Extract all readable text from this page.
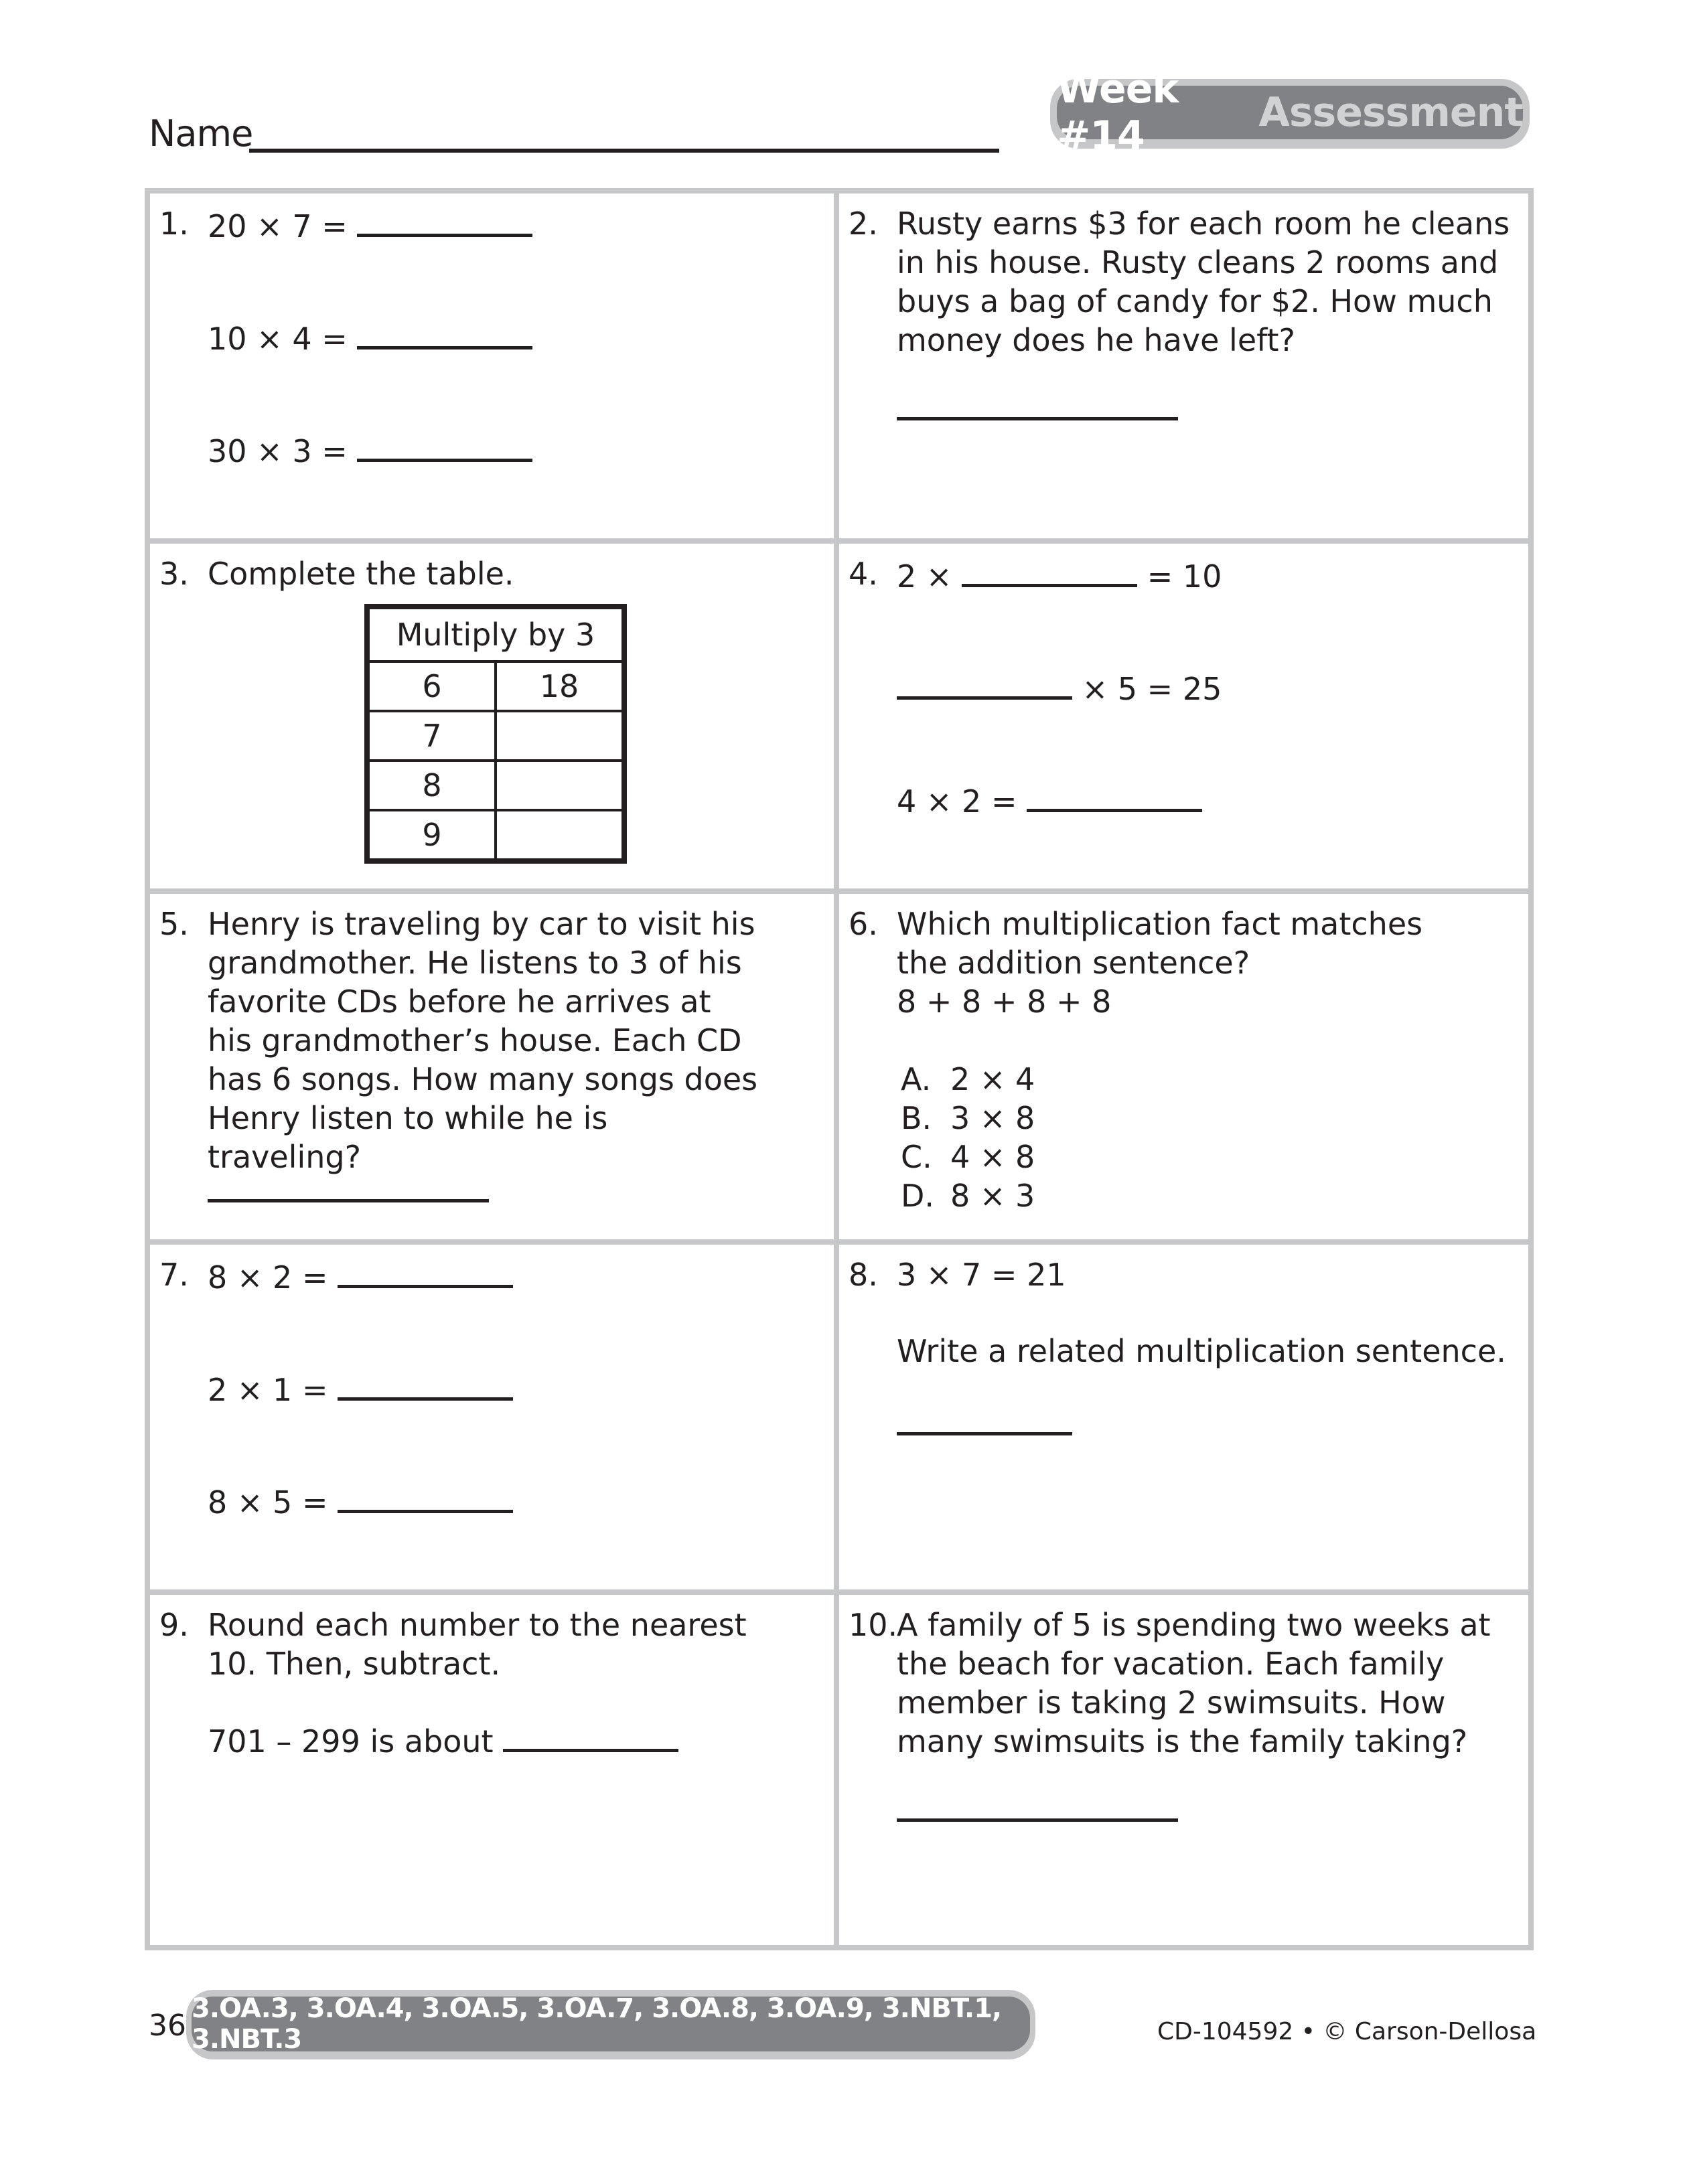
Name
Week #14	Assessment
1. 20 × 7 =
10 × 4 =
30 × 3 =
2. Rusty earns $3 for each room he cleans in his house. Rusty cleans 2 rooms and buys a bag of candy for $2. How much money does he have left?
3. Complete the table.
Multiply by 3	
6	18
7	
8	
9	
4. 2 ×	= 10
× 5 = 25
4 × 2 =
5. Henry is traveling by car to visit his grandmother. He listens to 3 of his favorite CDs before he arrives at his grandmother’s house. Each CD has 6 songs. How many songs does Henry listen to while he is traveling?
6. Which multiplication fact matches the addition sentence?
8 + 8 + 8 + 8
A. 2 × 4
B. 3 × 8
C. 4 × 8
D. 8 × 3
7. 8 × 2 =
2 × 1 =
8 × 5 =
8. 3 × 7 = 21
Write a related multiplication sentence.
9. Round each number to the nearest 10. Then, subtract.
701 – 299 is about
10.
A family of 5 is spending two weeks at the beach for vacation. Each family member is taking 2 swimsuits. How many swimsuits is the family taking?
36 3.OA.3, 3.OA.4, 3.OA.5, 3.OA.7, 3.OA.8, 3.OA.9, 3.NBT.1, 3.NBT.3	CD-104592 • © Carson-Dellosa
